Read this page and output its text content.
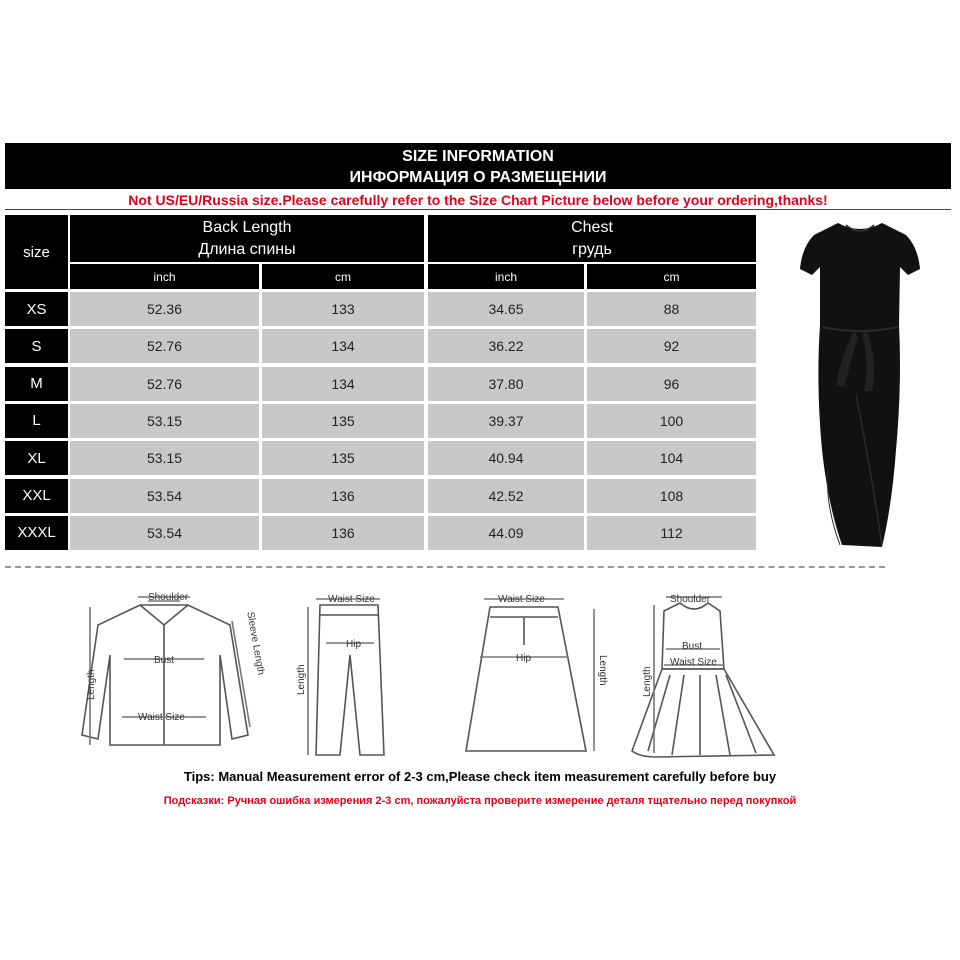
SIZE INFORMATION
ИНФОРМАЦИЯ О РАЗМЕЩЕНИИ
Not US/EU/Russia size.Please carefully refer to the Size Chart Picture below before your ordering,thanks!
size
Back Length
Длина спины
Chest
грудь
inch	cm	inch	cm
XS	52.36	133	34.65	88
S	52.76	134	36.22	92
M	52.76	134	37.80	96
L	53.15	135	39.37	100
XL	53.15	135	40.94	104
XXL	53.54	136	42.52	108
XXXL	53.54	136	44.09	112
Shoulder
Bust
Waist Size
Length
Sleeve Length
Waist Size
Hip
Length
Waist Size
Hip	Length
Shoulder
Bust
Waist Size
Length
Tips: Manual Measurement error of 2-3 cm,Please check item measurement carefully before buy
Подсказки: Ручная ошибка измерения 2-3 cm, пожалуйста проверите измерение деталя тщательно перед покупкой
